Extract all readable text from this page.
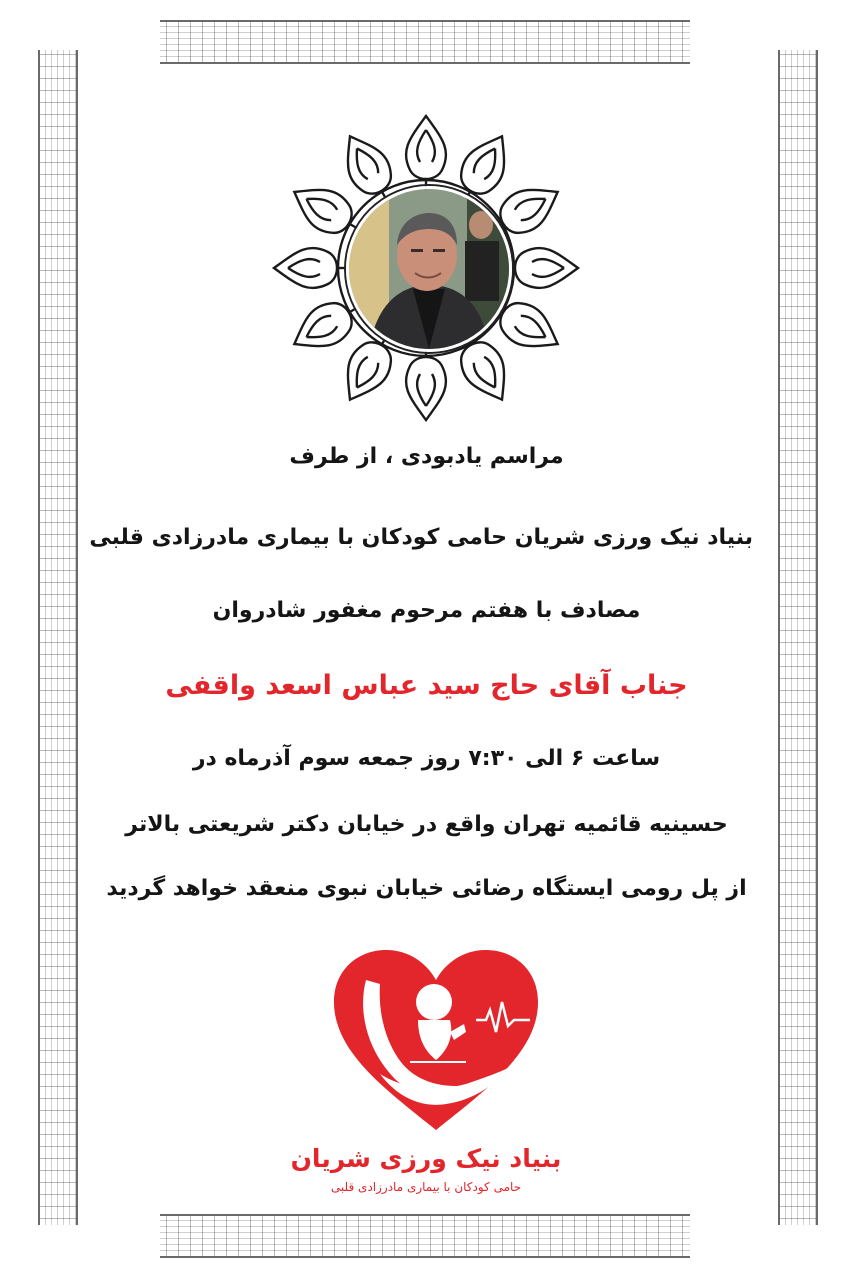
مراسم یادبودی ، از طرف
بنیاد نیک ورزی شریان حامی کودکان با بیماری مادرزادی قلبی
مصادف با هفتم مرحوم مغفور شادروان
جناب آقای حاج سید عباس اسعد واقفی
ساعت ۶ الی ۷:۳۰ روز جمعه سوم آذرماه در
حسینیه قائمیه تهران واقع در خیابان دکتر شریعتی بالاتر
از پل رومی ایستگاه رضائی خیابان نبوی منعقد خواهد گردید
بنیاد نیک ورزی شریان
حامی کودکان با بیماری مادرزادی قلبی
